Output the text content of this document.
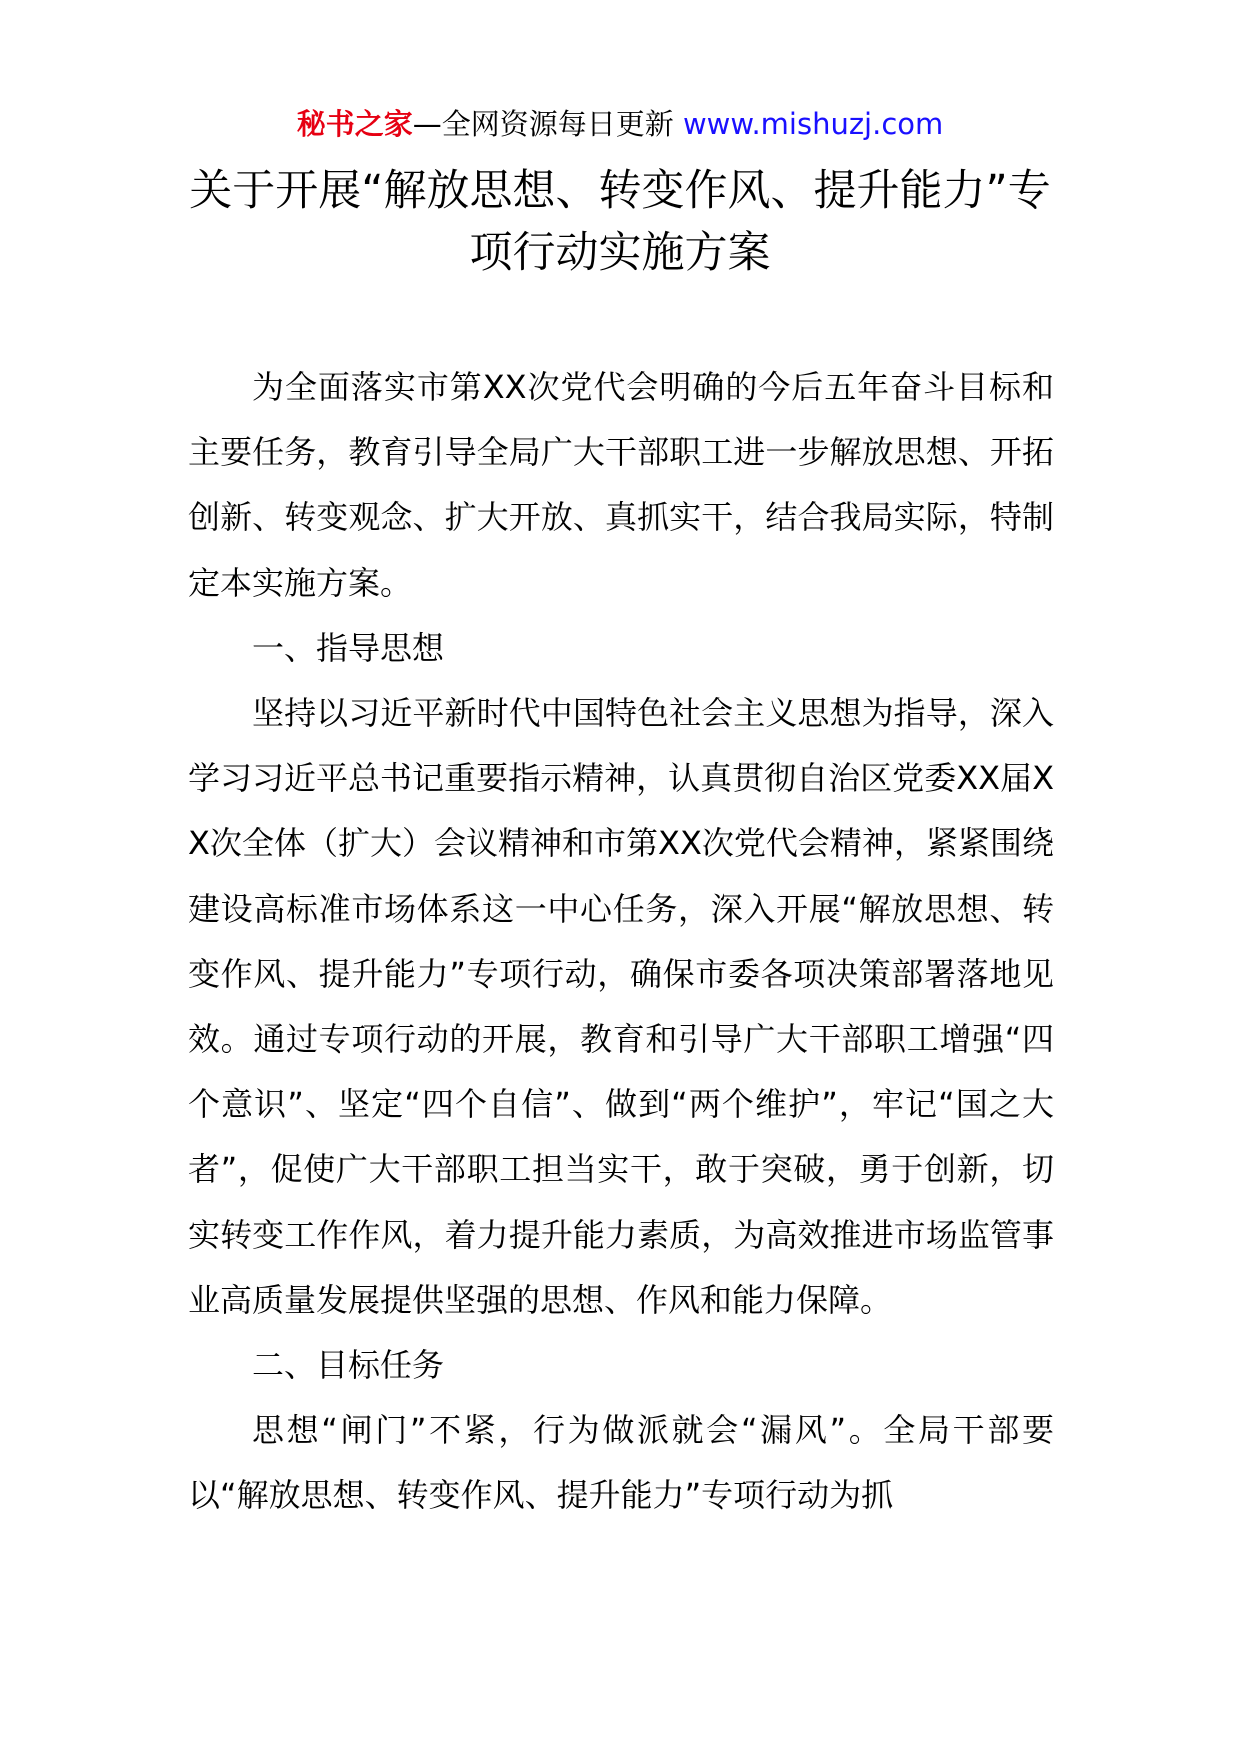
秘书之家—全网资源每日更新 www.mishuzj.com
关于开展“解放思想、转变作风、提升能力”专项行动实施方案

为全面落实市第XX次党代会明确的今后五年奋斗目标和主要任务，教育引导全局广大干部职工进一步解放思想、开拓创新、转变观念、扩大开放、真抓实干，结合我局实际，特制定本实施方案。

一、指导思想

坚持以习近平新时代中国特色社会主义思想为指导，深入学习习近平总书记重要指示精神，认真贯彻自治区党委XX届XX次全体（扩大）会议精神和市第XX次党代会精神，紧紧围绕建设高标准市场体系这一中心任务，深入开展“解放思想、转变作风、提升能力”专项行动，确保市委各项决策部署落地见效。通过专项行动的开展，教育和引导广大干部职工增强“四个意识”、坚定“四个自信”、做到“两个维护”，牢记“国之大者”，促使广大干部职工担当实干，敢于突破，勇于创新，切实转变工作作风，着力提升能力素质，为高效推进市场监管事业高质量发展提供坚强的思想、作风和能力保障。

二、目标任务

思想“闸门”不紧，行为做派就会“漏风”。全局干部要以“解放思想、转变作风、提升能力”专项行动为抓
